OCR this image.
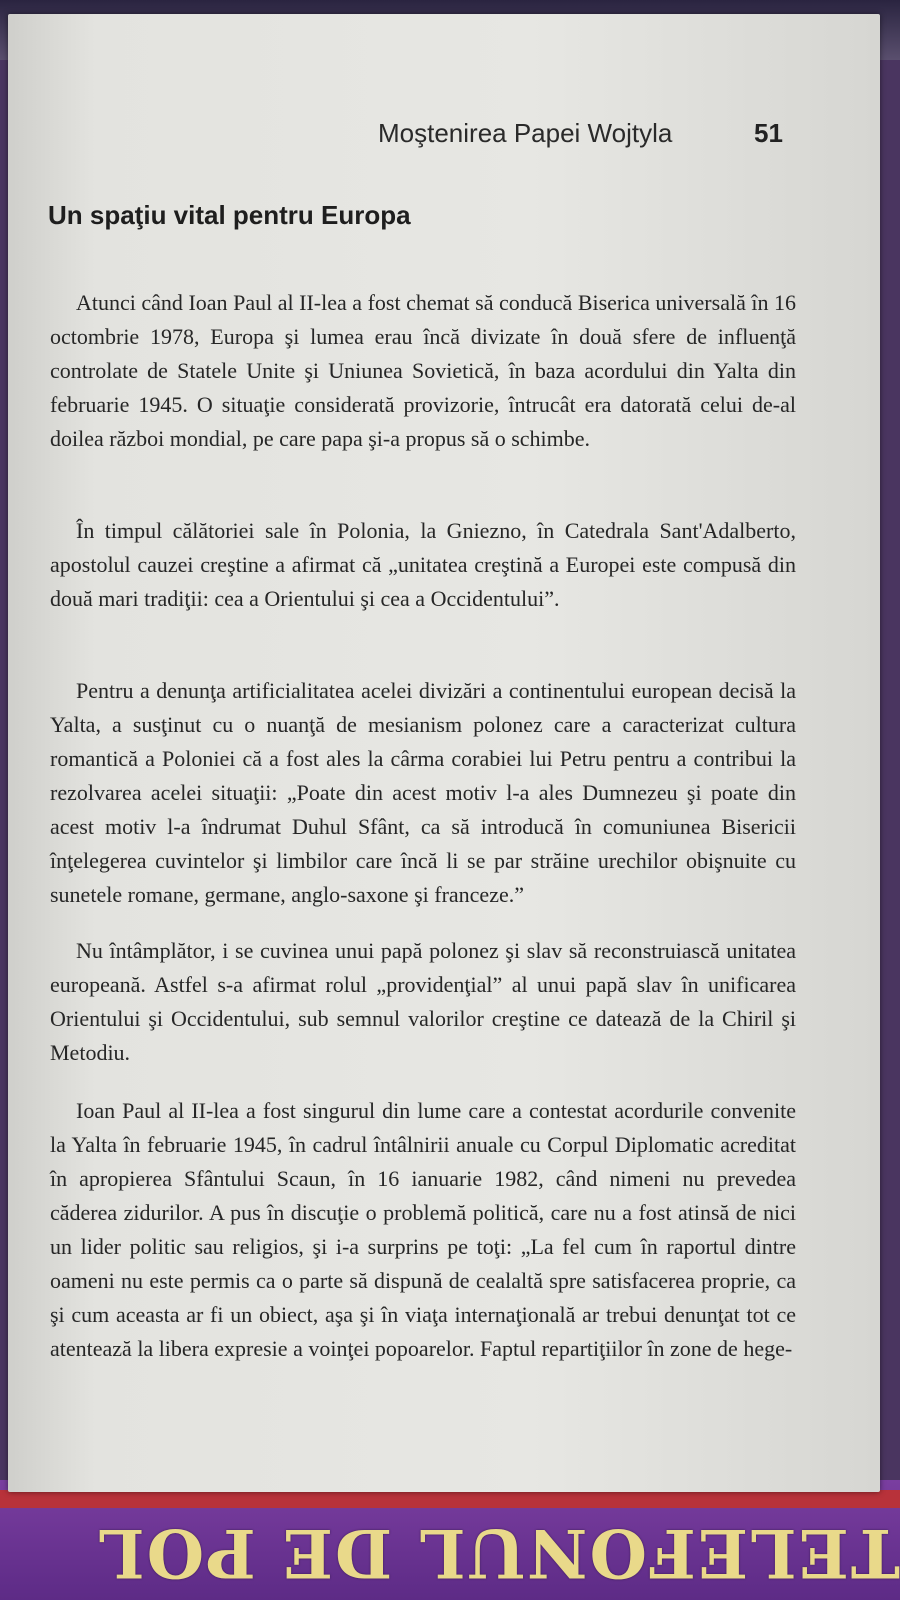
TELEFONUL DE POL
Moştenirea Papei Wojtyla	51
Un spaţiu vital pentru Europa

Atunci când Ioan Paul al II-lea a fost chemat să conducă Biserica universală în 16 octombrie 1978, Europa şi lumea erau încă divizate în două sfere de influenţă controlate de Statele Unite şi Uniunea Sovietică, în baza acordului din Yalta din februarie 1945. O situaţie considerată provizorie, întrucât era datorată celui de-al doilea război mondial, pe care papa şi-a propus să o schimbe.

În timpul călătoriei sale în Polonia, la Gniezno, în Catedrala Sant'Adalberto, apostolul cauzei creştine a afirmat că „unitatea creştină a Europei este compusă din două mari tradiţii: cea a Orientului şi cea a Occidentului”.

Pentru a denunţa artificialitatea acelei divizări a continentului european decisă la Yalta, a susţinut cu o nuanţă de mesianism polonez care a caracterizat cultura romantică a Poloniei că a fost ales la cârma corabiei lui Petru pentru a contribui la rezolvarea acelei situaţii: „Poate din acest motiv l-a ales Dumnezeu şi poate din acest motiv l-a îndrumat Duhul Sfânt, ca să introducă în comuniunea Bisericii înţelegerea cuvintelor şi limbilor care încă li se par străine urechilor obişnuite cu sunetele romane, germane, anglo-saxone şi franceze.”

Nu întâmplător, i se cuvinea unui papă polonez şi slav să reconstruiască unitatea europeană. Astfel s-a afirmat rolul „providenţial” al unui papă slav în unificarea Orientului şi Occidentului, sub semnul valorilor creştine ce datează de la Chiril şi Metodiu.

Ioan Paul al II-lea a fost singurul din lume care a contestat acordurile convenite la Yalta în februarie 1945, în cadrul întâlnirii anuale cu Corpul Diplomatic acreditat în apropierea Sfântului Scaun, în 16 ianuarie 1982, când nimeni nu prevedea căderea zidurilor. A pus în discuţie o problemă politică, care nu a fost atinsă de nici un lider politic sau religios, şi i-a surprins pe toţi: „La fel cum în raportul dintre oameni nu este permis ca o parte să dispună de cealaltă spre satisfacerea proprie, ca şi cum aceasta ar fi un obiect, aşa şi în viaţa internaţională ar trebui denunţat tot ce atentează la libera expresie a voinţei popoarelor. Faptul repartiţiilor în zone de hege-
